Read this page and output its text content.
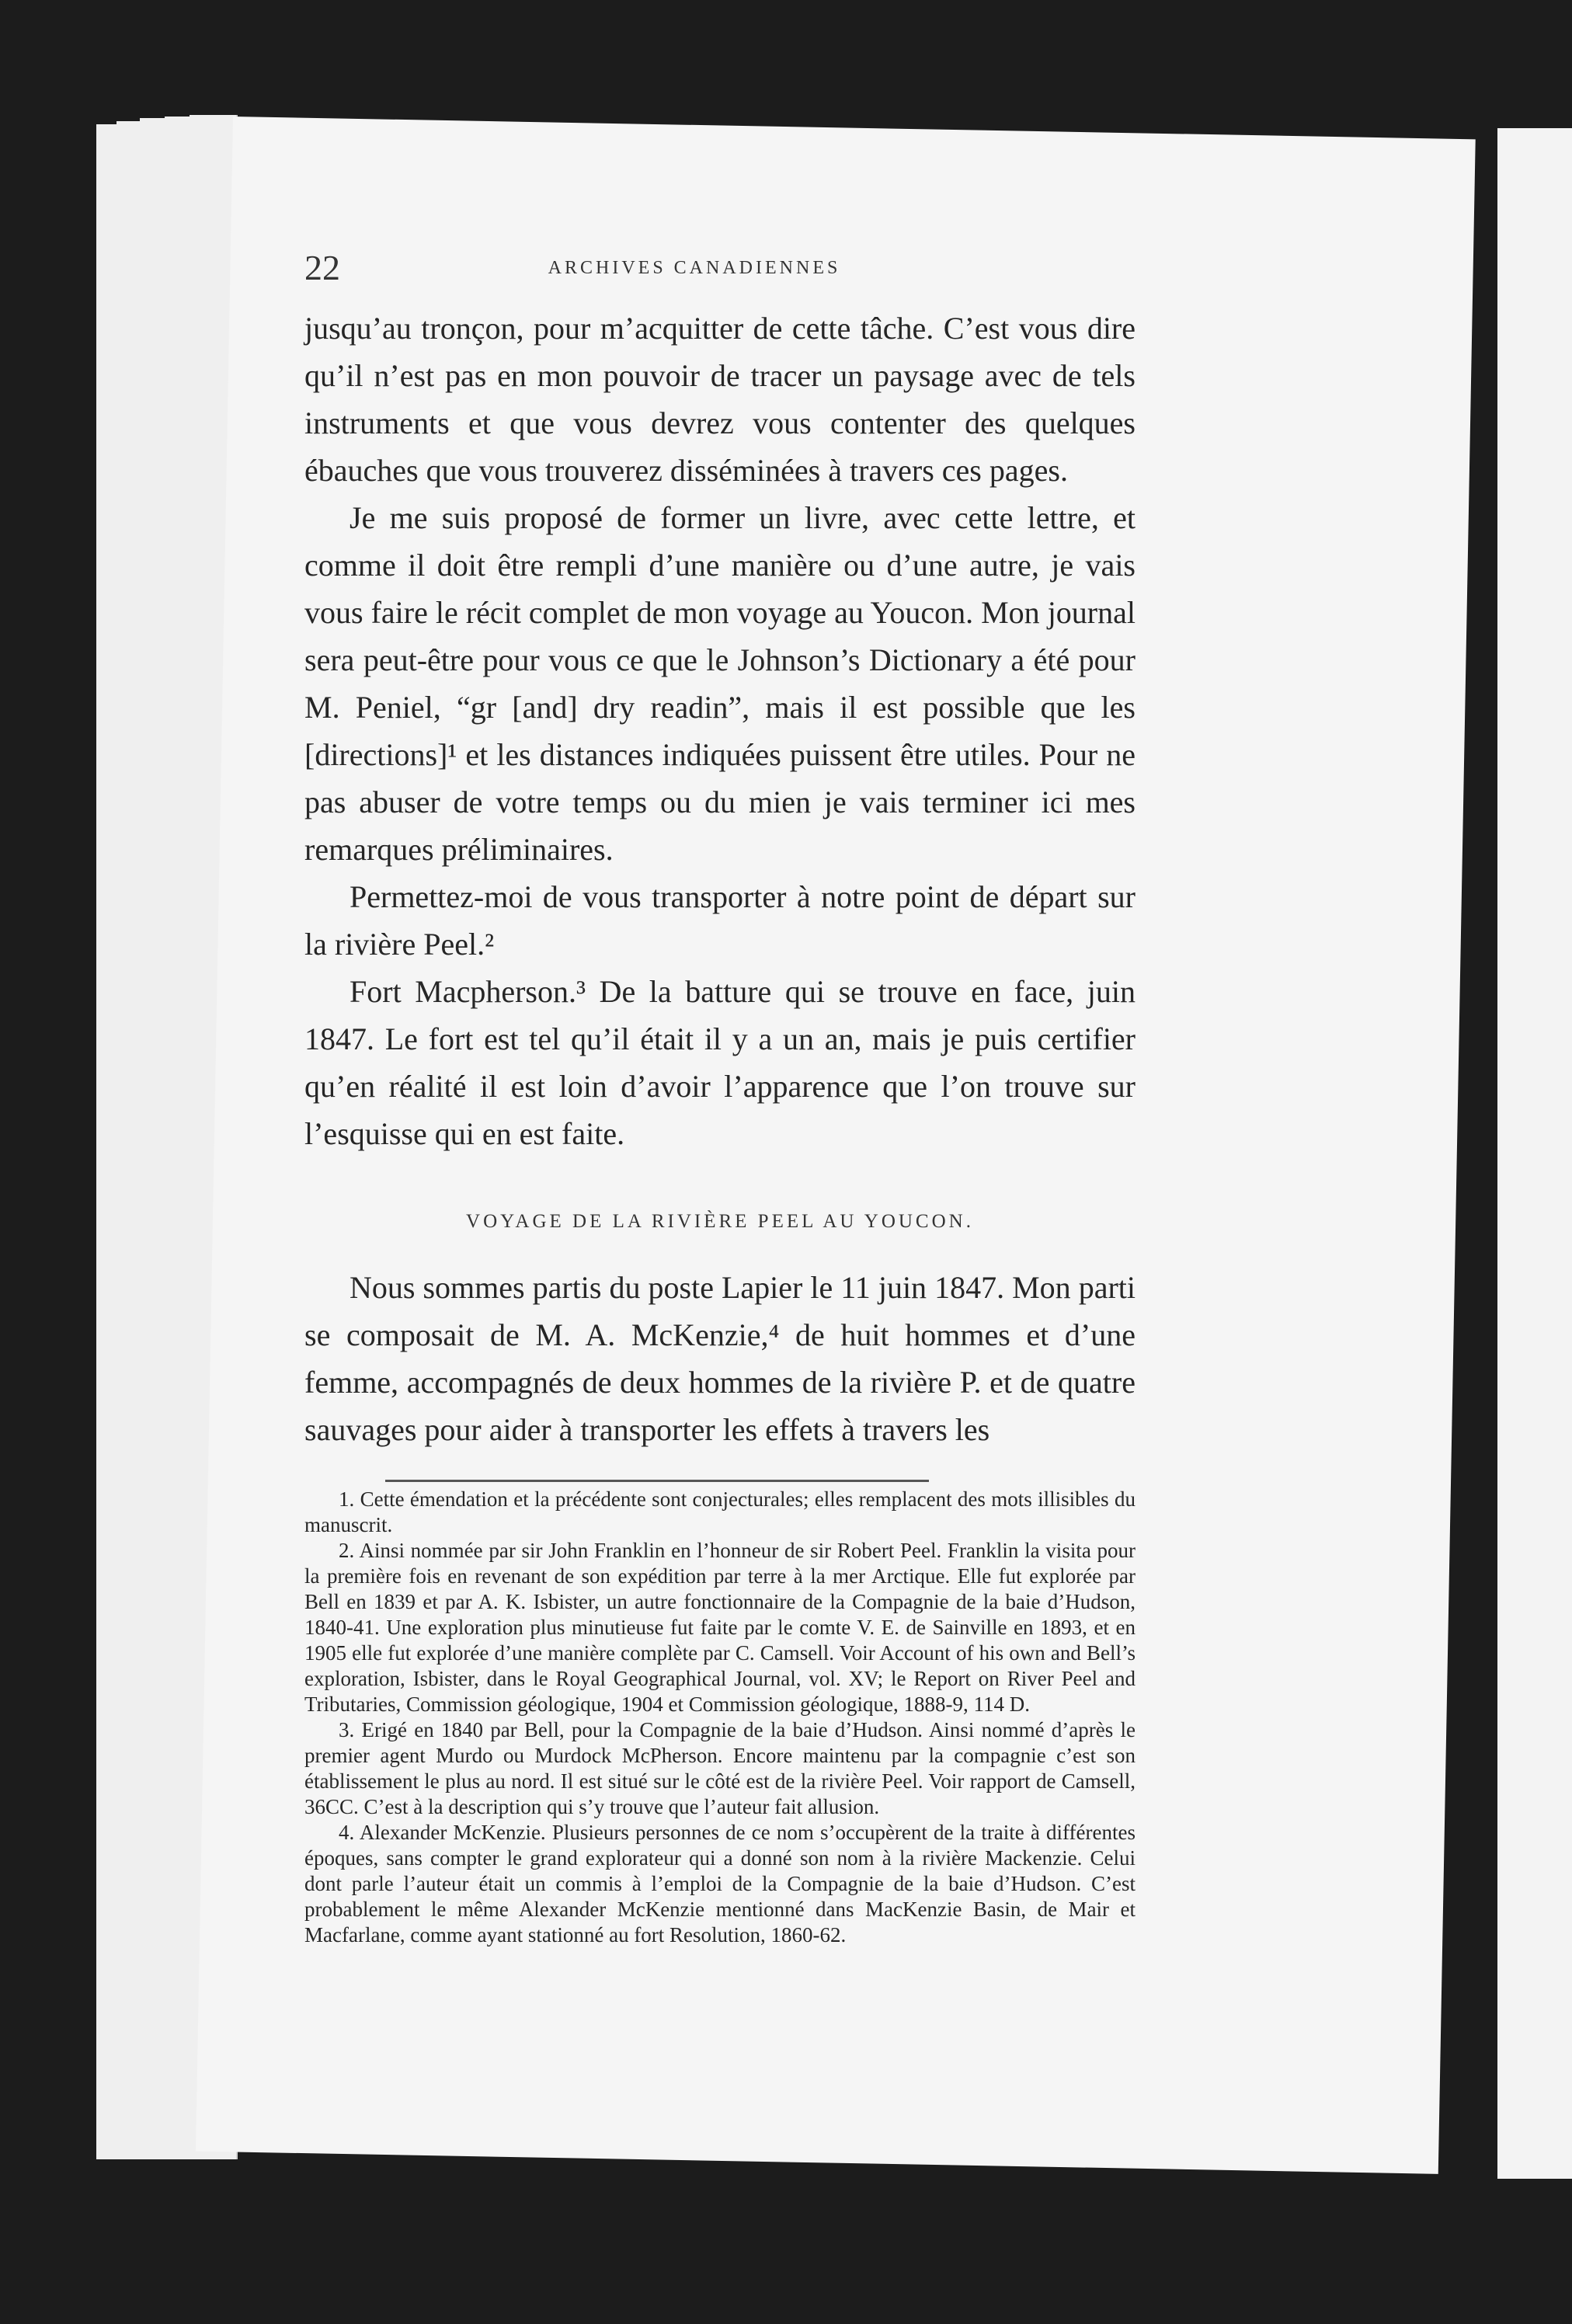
22	ARCHIVES CANADIENNES

jusqu’au tronçon, pour m’acquitter de cette tâche. C’est vous dire qu’il n’est pas en mon pouvoir de tracer un paysage avec de tels instruments et que vous devrez vous contenter des quelques ébauches que vous trouverez disséminées à travers ces pages.

Je me suis proposé de former un livre, avec cette lettre, et comme il doit être rempli d’une manière ou d’une autre, je vais vous faire le récit complet de mon voyage au Youcon. Mon journal sera peut-être pour vous ce que le Johnson’s Dictionary a été pour M. Peniel, “gr [and] dry readin”, mais il est possible que les [directions]¹ et les distances indiquées puissent être utiles. Pour ne pas abuser de votre temps ou du mien je vais terminer ici mes remarques préliminaires.

Permettez-moi de vous transporter à notre point de départ sur la rivière Peel.²

Fort Macpherson.³ De la batture qui se trouve en face, juin 1847. Le fort est tel qu’il était il y a un an, mais je puis certifier qu’en réalité il est loin d’avoir l’apparence que l’on trouve sur l’esquisse qui en est faite.

VOYAGE DE LA RIVIÈRE PEEL AU YOUCON.

Nous sommes partis du poste Lapier le 11 juin 1847. Mon parti se composait de M. A. McKenzie,⁴ de huit hommes et d’une femme, accompagnés de deux hommes de la rivière P. et de quatre sauvages pour aider à transporter les effets à travers les

1. Cette émendation et la précédente sont conjecturales; elles remplacent des mots illisibles du manuscrit.

2. Ainsi nommée par sir John Franklin en l’honneur de sir Robert Peel. Franklin la visita pour la première fois en revenant de son expédition par terre à la mer Arctique. Elle fut explorée par Bell en 1839 et par A. K. Isbister, un autre fonctionnaire de la Compagnie de la baie d’Hudson, 1840-41. Une exploration plus minutieuse fut faite par le comte V. E. de Sainville en 1893, et en 1905 elle fut explorée d’une manière complète par C. Camsell. Voir Account of his own and Bell’s exploration, Isbister, dans le Royal Geographical Journal, vol. XV; le Report on River Peel and Tributaries, Commission géologique, 1904 et Commission géologique, 1888-9, 114 D.

3. Erigé en 1840 par Bell, pour la Compagnie de la baie d’Hudson. Ainsi nommé d’après le premier agent Murdo ou Murdock McPherson. Encore maintenu par la compagnie c’est son établissement le plus au nord. Il est situé sur le côté est de la rivière Peel. Voir rapport de Camsell, 36CC. C’est à la description qui s’y trouve que l’auteur fait allusion.

4. Alexander McKenzie. Plusieurs personnes de ce nom s’occupèrent de la traite à différentes époques, sans compter le grand explorateur qui a donné son nom à la rivière Mackenzie. Celui dont parle l’auteur était un commis à l’emploi de la Compagnie de la baie d’Hudson. C’est probablement le même Alexander McKenzie mentionné dans MacKenzie Basin, de Mair et Macfarlane, comme ayant stationné au fort Resolution, 1860-62.
